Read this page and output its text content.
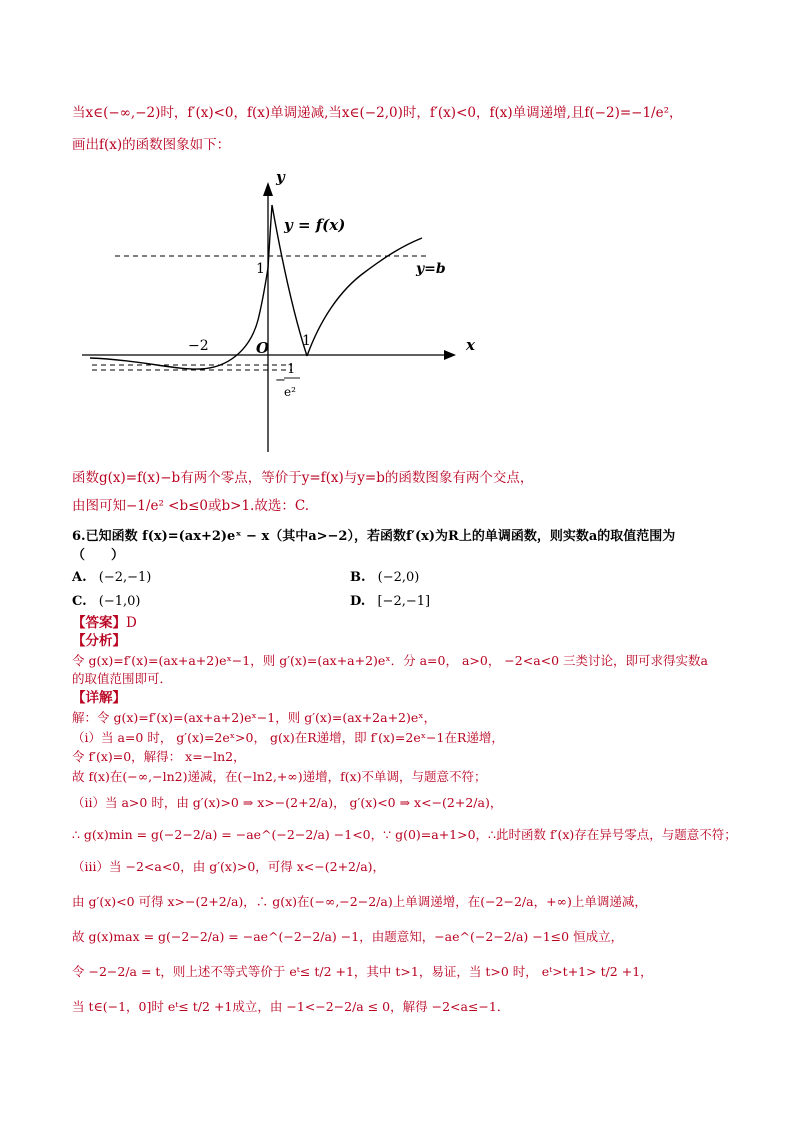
当x∈(−∞,−2)时，f′(x)<0，f(x)单调递减,当x∈(−2,0)时，f′(x)<0，f(x)单调递增,且f(−2)=−1/e²，
画出f(x)的函数图象如下：
y
x
y = f(x)
y=b
1
1
−2	O
−
1
e²
函数g(x)=f(x)−b有两个零点，等价于y=f(x)与y=b的函数图象有两个交点，
由图可知−1/e² <b≤0或b>1.故选：C.
6.已知函数 f(x)=(ax+2)eˣ − x（其中a>−2），若函数f′(x)为R上的单调函数，则实数a的取值范围为
（　　）
A. (−2,−1)	B. (−2,0)
C. (−1,0)	D. [−2,−1]
【答案】D
【分析】
令 g(x)=f′(x)=(ax+a+2)eˣ−1，则 g′(x)=(ax+a+2)eˣ．分 a=0， a>0， −2<a<0 三类讨论，即可求得实数a
的取值范围即可．
【详解】
解：令 g(x)=f′(x)=(ax+a+2)eˣ−1，则 g′(x)=(ax+2a+2)eˣ，
（ⅰ）当 a=0 时， g′(x)=2eˣ>0， g(x)在R递增，即 f′(x)=2eˣ−1在R递增，
令 f′(x)=0，解得： x=−ln2，
故 f(x)在(−∞,−ln2)递减，在(−ln2,+∞)递增，f(x)不单调，与题意不符；
（ⅱ）当 a>0 时，由 g′(x)>0 ⇒ x>−(2+2/a)， g′(x)<0 ⇒ x<−(2+2/a)，
∴ g(x)min = g(−2−2/a) = −ae^(−2−2/a) −1<0，∵ g(0)=a+1>0，∴此时函数 f′(x)存在异号零点，与题意不符；
（ⅲ）当 −2<a<0，由 g′(x)>0，可得 x<−(2+2/a)，
由 g′(x)<0 可得 x>−(2+2/a)，∴ g(x)在(−∞,−2−2/a)上单调递增，在(−2−2/a，+∞)上单调递减，
故 g(x)max = g(−2−2/a) = −ae^(−2−2/a) −1，由题意知，−ae^(−2−2/a) −1≤0 恒成立，
令 −2−2/a = t，则上述不等式等价于 eᵗ≤ t/2 +1，其中 t>1，易证，当 t>0 时， eᵗ>t+1> t/2 +1，
当 t∈(−1，0]时 eᵗ≤ t/2 +1成立，由 −1<−2−2/a ≤ 0，解得 −2<a≤−1．
